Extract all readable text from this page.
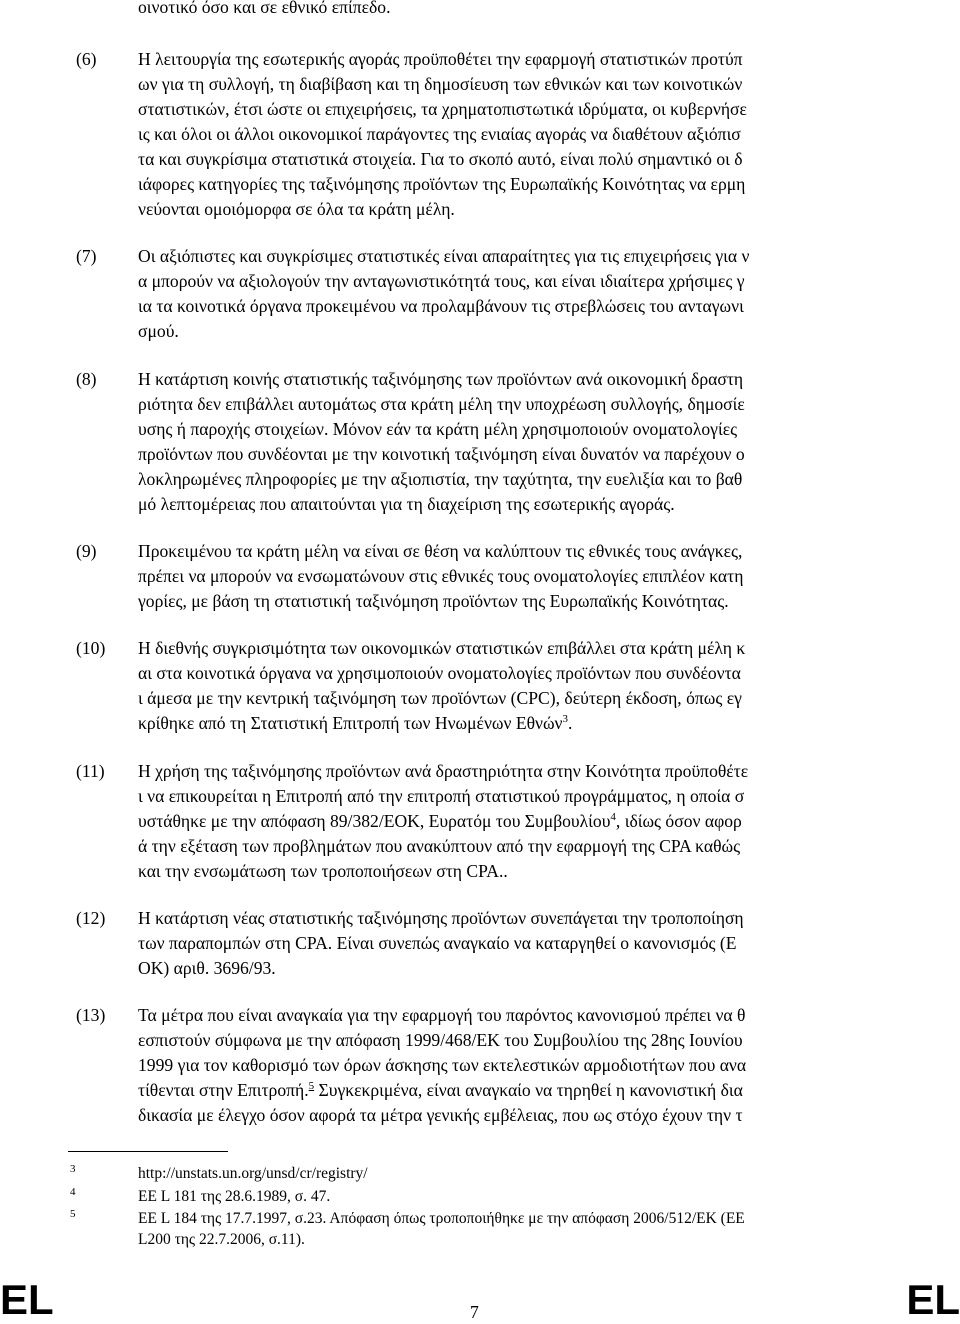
οινοτικό όσο και σε εθνικό επίπεδο.
(6) Η λειτουργία της εσωτερικής αγοράς προϋποθέτει την εφαρμογή στατιστικών προτύπ
ων για τη συλλογή, τη διαβίβαση και τη δημοσίευση των εθνικών και των κοινοτικών
στατιστικών, έτσι ώστε οι επιχειρήσεις, τα χρηματοπιστωτικά ιδρύματα, οι κυβερνήσε
ις και όλοι οι άλλοι οικονομικοί παράγοντες της ενιαίας αγοράς να διαθέτουν αξιόπισ
τα και συγκρίσιμα στατιστικά στοιχεία. Για το σκοπό αυτό, είναι πολύ σημαντικό οι δ
ιάφορες κατηγορίες της ταξινόμησης προϊόντων της Ευρωπαϊκής Κοινότητας να ερμη
νεύονται ομοιόμορφα σε όλα τα κράτη μέλη.
(7) Οι αξιόπιστες και συγκρίσιμες στατιστικές είναι απαραίτητες για τις επιχειρήσεις για ν
α μπορούν να αξιολογούν την ανταγωνιστικότητά τους, και είναι ιδιαίτερα χρήσιμες γ
ια τα κοινοτικά όργανα προκειμένου να προλαμβάνουν τις στρεβλώσεις του ανταγωνι
σμού.
(8) Η κατάρτιση κοινής στατιστικής ταξινόμησης των προϊόντων ανά οικονομική δραστη
ριότητα δεν επιβάλλει αυτομάτως στα κράτη μέλη την υποχρέωση συλλογής, δημοσίε
υσης ή παροχής στοιχείων. Μόνον εάν τα κράτη μέλη χρησιμοποιούν ονοματολογίες
προϊόντων που συνδέονται με την κοινοτική ταξινόμηση είναι δυνατόν να παρέχουν ο
λοκληρωμένες πληροφορίες με την αξιοπιστία, την ταχύτητα, την ευελιξία και το βαθ
μό λεπτομέρειας που απαιτούνται για τη διαχείριση της εσωτερικής αγοράς.
(9) Προκειμένου τα κράτη μέλη να είναι σε θέση να καλύπτουν τις εθνικές τους ανάγκες,
πρέπει να μπορούν να ενσωματώνουν στις εθνικές τους ονοματολογίες επιπλέον κατη
γορίες, με βάση τη στατιστική ταξινόμηση προϊόντων της Ευρωπαϊκής Κοινότητας.
(10) Η διεθνής συγκρισιμότητα των οικονομικών στατιστικών επιβάλλει στα κράτη μέλη κ
αι στα κοινοτικά όργανα να χρησιμοποιούν ονοματολογίες προϊόντων που συνδέοντα
ι άμεσα με την κεντρική ταξινόμηση των προϊόντων (CPC), δεύτερη έκδοση, όπως εγ
κρίθηκε από τη Στατιστική Επιτροπή των Ηνωμένων Εθνών$^3$.
(11) Η χρήση της ταξινόμησης προϊόντων ανά δραστηριότητα στην Κοινότητα προϋποθέτε
ι να επικουρείται η Επιτροπή από την επιτροπή στατιστικού προγράμματος, η οποία σ
υστάθηκε με την απόφαση 89/382/ΕΟΚ, Ευρατόμ του Συμβουλίου$^4$, ιδίως όσον αφορ
ά την εξέταση των προβλημάτων που ανακύπτουν από την εφαρμογή της CPA καθώς
και την ενσωμάτωση των τροποποιήσεων στη CPA..
(12) Η κατάρτιση νέας στατιστικής ταξινόμησης προϊόντων συνεπάγεται την τροποποίηση
των παραπομπών στη CPA. Είναι συνεπώς αναγκαίο να καταργηθεί ο κανονισμός (Ε
ΟΚ) αριθ. 3696/93.
(13) Τα μέτρα που είναι αναγκαία για την εφαρμογή του παρόντος κανονισμού πρέπει να θ
εσπιστούν σύμφωνα με την απόφαση 1999/468/ΕΚ του Συμβουλίου της 28ης Ιουνίου
1999 για τον καθορισμό των όρων άσκησης των εκτελεστικών αρμοδιοτήτων που ανα
τίθενται στην Επιτροπή.$^5$ Συγκεκριμένα, είναι αναγκαίο να τηρηθεί η κανονιστική δια
δικασία με έλεγχο όσον αφορά τα μέτρα γενικής εμβέλειας, που ως στόχο έχουν την τ
3	http://unstats.un.org/unsd/cr/registry/
4	ΕΕ L 181 της 28.6.1989, σ. 47.
5	ΕΕ L 184 της 17.7.1997, σ.23. Απόφαση όπως τροποποιήθηκε με την απόφαση 2006/512/ΕΚ (ΕΕ
L200 της 22.7.2006, σ.11).
EL	7	EL
